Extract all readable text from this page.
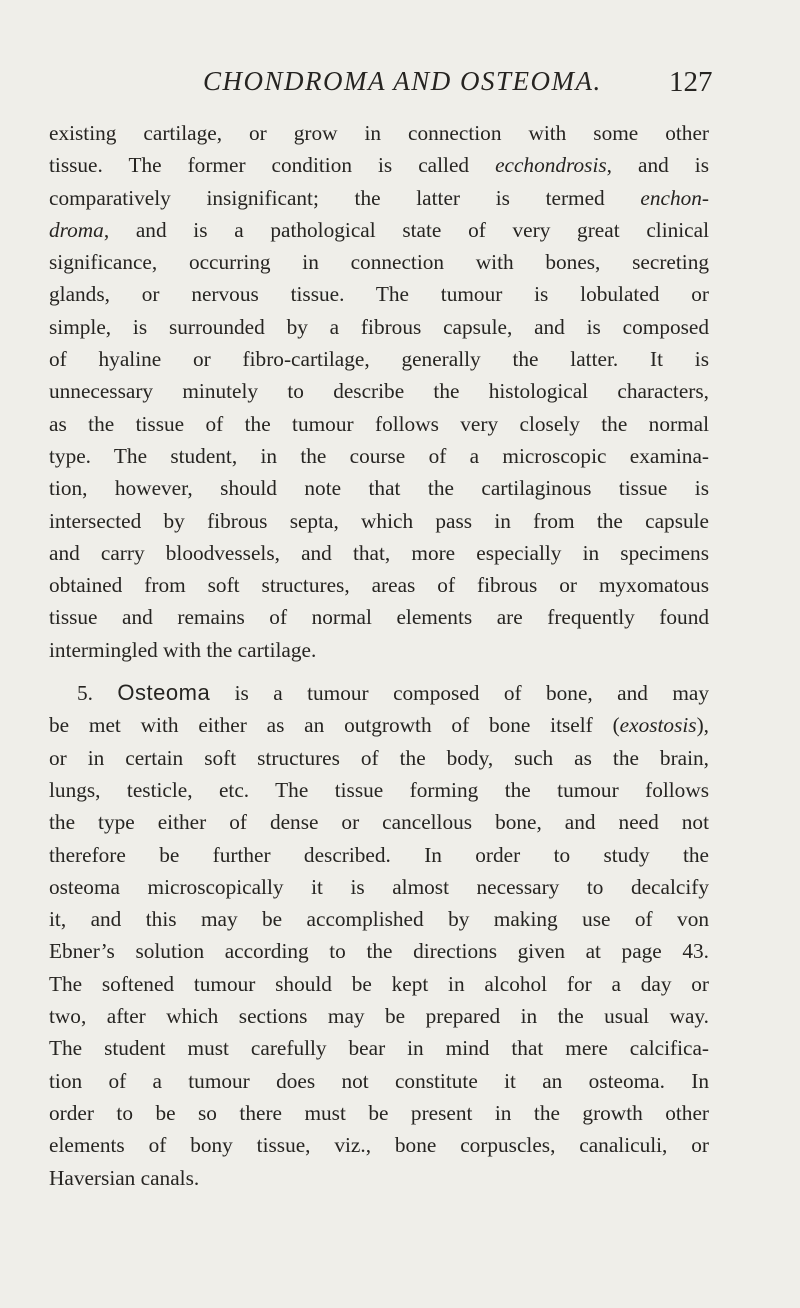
CHONDROMA AND OSTEOMA. 127
existing cartilage, or grow in connection with some other
tissue. The former condition is called ecchondrosis, and is
comparatively insignificant; the latter is termed enchon-
droma, and is a pathological state of very great clinical
significance, occurring in connection with bones, secreting
glands, or nervous tissue. The tumour is lobulated or
simple, is surrounded by a fibrous capsule, and is composed
of hyaline or fibro-cartilage, generally the latter. It is
unnecessary minutely to describe the histological characters,
as the tissue of the tumour follows very closely the normal
type. The student, in the course of a microscopic examina-
tion, however, should note that the cartilaginous tissue is
intersected by fibrous septa, which pass in from the capsule
and carry bloodvessels, and that, more especially in specimens
obtained from soft structures, areas of fibrous or myxomatous
tissue and remains of normal elements are frequently found
intermingled with the cartilage.
5. Osteoma is a tumour composed of bone, and may
be met with either as an outgrowth of bone itself (exostosis),
or in certain soft structures of the body, such as the brain,
lungs, testicle, etc. The tissue forming the tumour follows
the type either of dense or cancellous bone, and need not
therefore be further described. In order to study the
osteoma microscopically it is almost necessary to decalcify
it, and this may be accomplished by making use of von
Ebner’s solution according to the directions given at page 43.
The softened tumour should be kept in alcohol for a day or
two, after which sections may be prepared in the usual way.
The student must carefully bear in mind that mere calcifica-
tion of a tumour does not constitute it an osteoma. In
order to be so there must be present in the growth other
elements of bony tissue, viz., bone corpuscles, canaliculi, or
Haversian canals.
